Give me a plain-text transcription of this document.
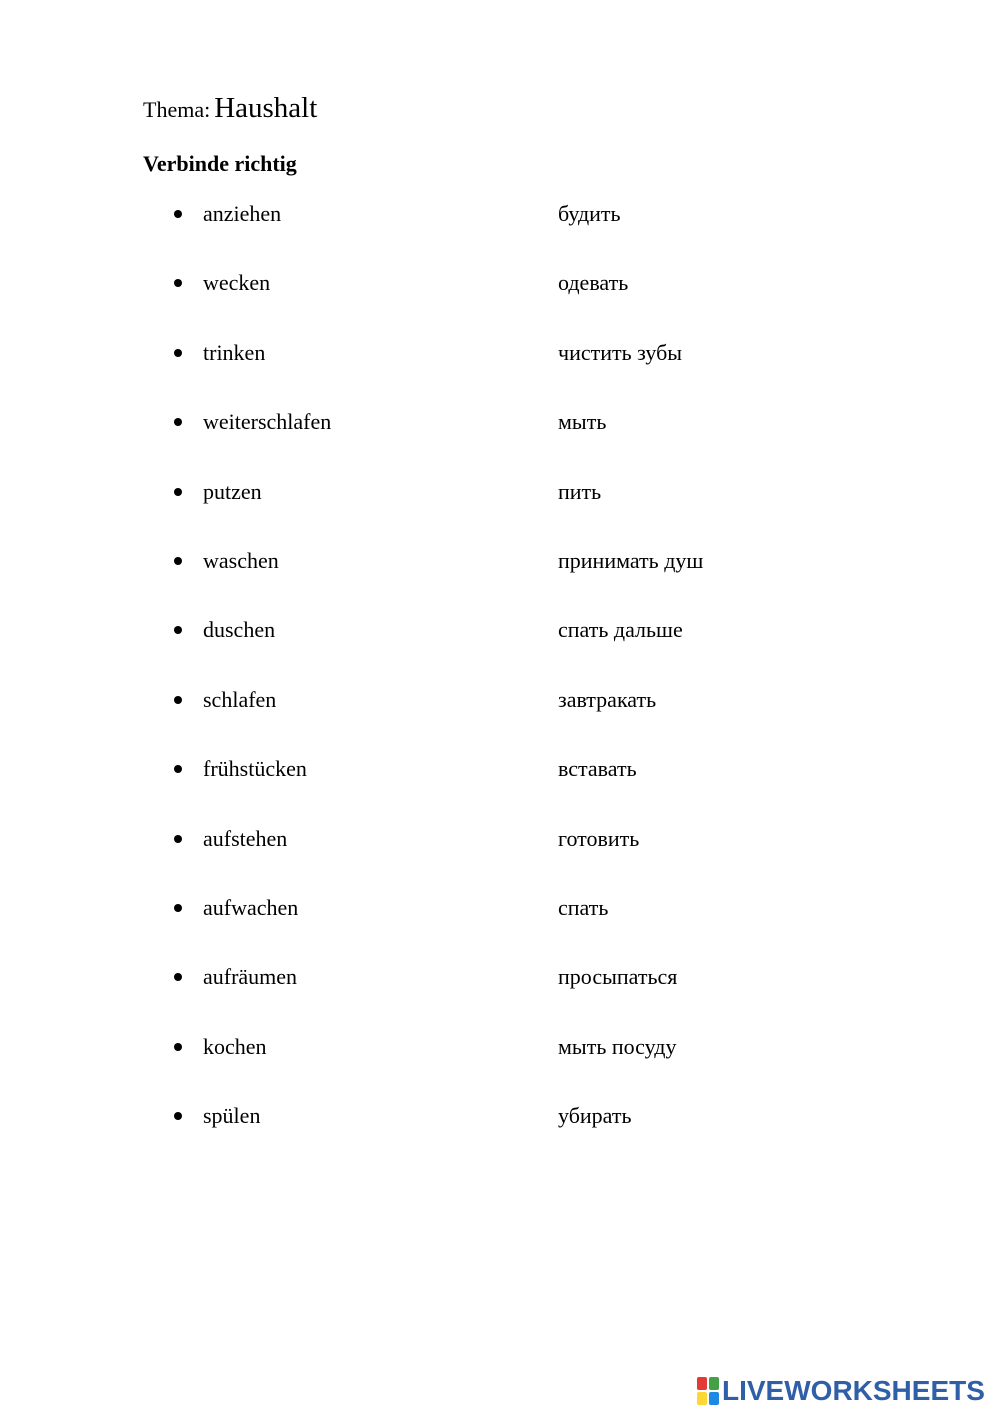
Thema: Haushalt
Verbinde richtig
anziehen	будить
wecken	одевать
trinken	чистить зубы
weiterschlafen	мыть
putzen	пить
waschen	принимать душ
duschen	спать дальше
schlafen	завтракать
frühstücken	вставать
aufstehen	готовить
aufwachen	спать
aufräumen	просыпаться
kochen	мыть посуду
spülen	убирать
LIVEWORKSHEETS
